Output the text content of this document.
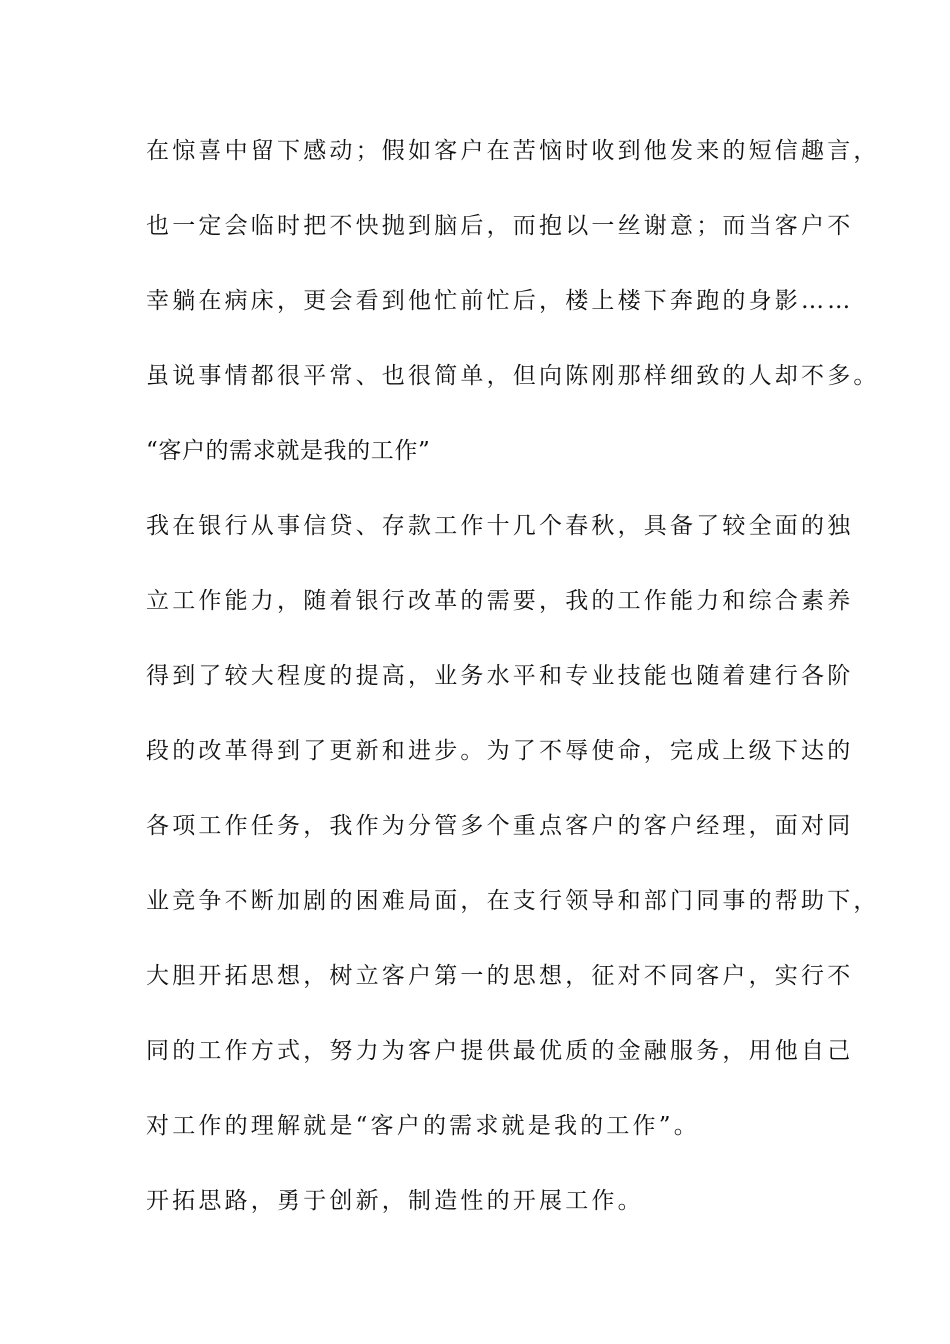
在惊喜中留下感动；假如客户在苦恼时收到他发来的短信趣言，
也一定会临时把不快抛到脑后，而抱以一丝谢意；而当客户不
幸躺在病床，更会看到他忙前忙后，楼上楼下奔跑的身影……
虽说事情都很平常、也很简单，但向陈刚那样细致的人却不多。
“客户的需求就是我的工作”
我在银行从事信贷、存款工作十几个春秋，具备了较全面的独
立工作能力，随着银行改革的需要，我的工作能力和综合素养
得到了较大程度的提高，业务水平和专业技能也随着建行各阶
段的改革得到了更新和进步。为了不辱使命，完成上级下达的
各项工作任务，我作为分管多个重点客户的客户经理，面对同
业竞争不断加剧的困难局面，在支行领导和部门同事的帮助下，
大胆开拓思想，树立客户第一的思想，征对不同客户，实行不
同的工作方式，努力为客户提供最优质的金融服务，用他自己
对工作的理解就是“客户的需求就是我的工作”。
开拓思路，勇于创新，制造性的开展工作。
